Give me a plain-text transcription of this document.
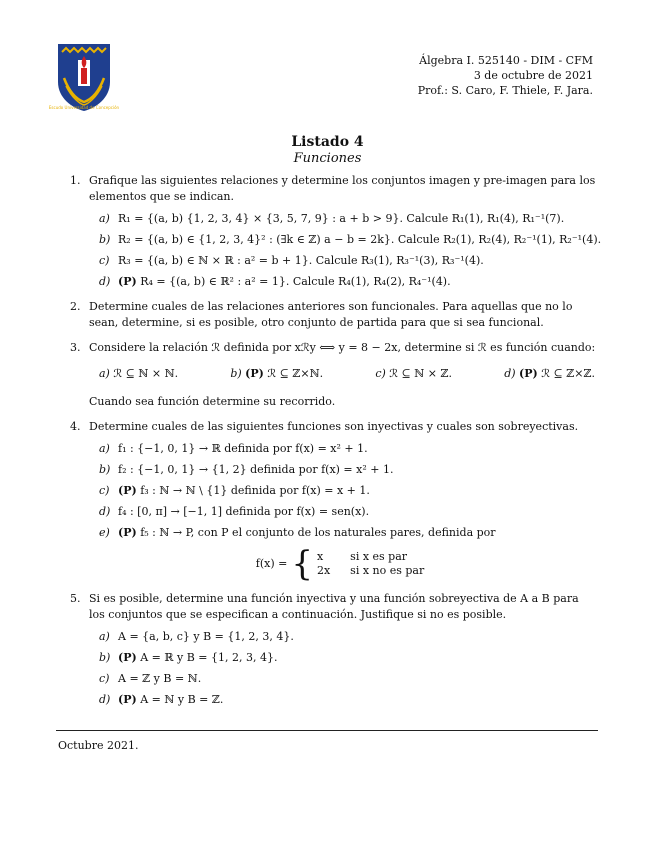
Escudo Universidad de Concepción
Álgebra I. 525140 - DIM - CFM
3 de octubre de 2021
Prof.: S. Caro, F. Thiele, F. Jara.
Listado 4
Funciones
1. Grafique las siguientes relaciones y determine los conjuntos imagen y pre-imagen para los elementos que se indican.
a) R₁ = {(a, b) {1, 2, 3, 4} × {3, 5, 7, 9} : a + b > 9}. Calcule R₁(1), R₁(4), R₁⁻¹(7).
b) R₂ = {(a, b) ∈ {1, 2, 3, 4}² : (∃k ∈ ℤ) a − b = 2k}. Calcule R₂(1), R₂(4), R₂⁻¹(1), R₂⁻¹(4).
c) R₃ = {(a, b) ∈ ℕ × ℝ : a² = b + 1}. Calcule R₃(1), R₃⁻¹(3), R₃⁻¹(4).
d) (P) R₄ = {(a, b) ∈ ℝ² : a² = 1}. Calcule R₄(1), R₄(2), R₄⁻¹(4).
2. Determine cuales de las relaciones anteriores son funcionales. Para aquellas que no lo sean, determine, si es posible, otro conjunto de partida para que si sea funcional.
3. Considere la relación ℛ definida por xℛy ⟺ y = 8 − 2x, determine si ℛ es función cuando:
a) ℛ ⊆ ℕ × ℕ.	b) (P) ℛ ⊆ ℤ×ℕ.	c) ℛ ⊆ ℕ × ℤ.	d) (P) ℛ ⊆ ℤ×ℤ.
Cuando sea función determine su recorrido.
4. Determine cuales de las siguientes funciones son inyectivas y cuales son sobreyectivas.
a) f₁ : {−1, 0, 1} → ℝ definida por f(x) = x² + 1.
b) f₂ : {−1, 0, 1} → {1, 2} definida por f(x) = x² + 1.
c) (P) f₃ : ℕ → ℕ \ {1} definida por f(x) = x + 1.
d) f₄ : [0, π] → [−1, 1] definida por f(x) = sen(x).
e) (P) f₅ : ℕ → P, con P el conjunto de los naturales pares, definida por
f(x) = { x	si x es par
2x	si x no es par
5. Si es posible, determine una función inyectiva y una función sobreyectiva de A a B para los conjuntos que se especifican a continuación. Justifique si no es posible.
a) A = {a, b, c} y B = {1, 2, 3, 4}.
b) (P) A = ℝ y B = {1, 2, 3, 4}.
c) A = ℤ y B = ℕ.
d) (P) A = ℕ y B = ℤ.
Octubre 2021.
